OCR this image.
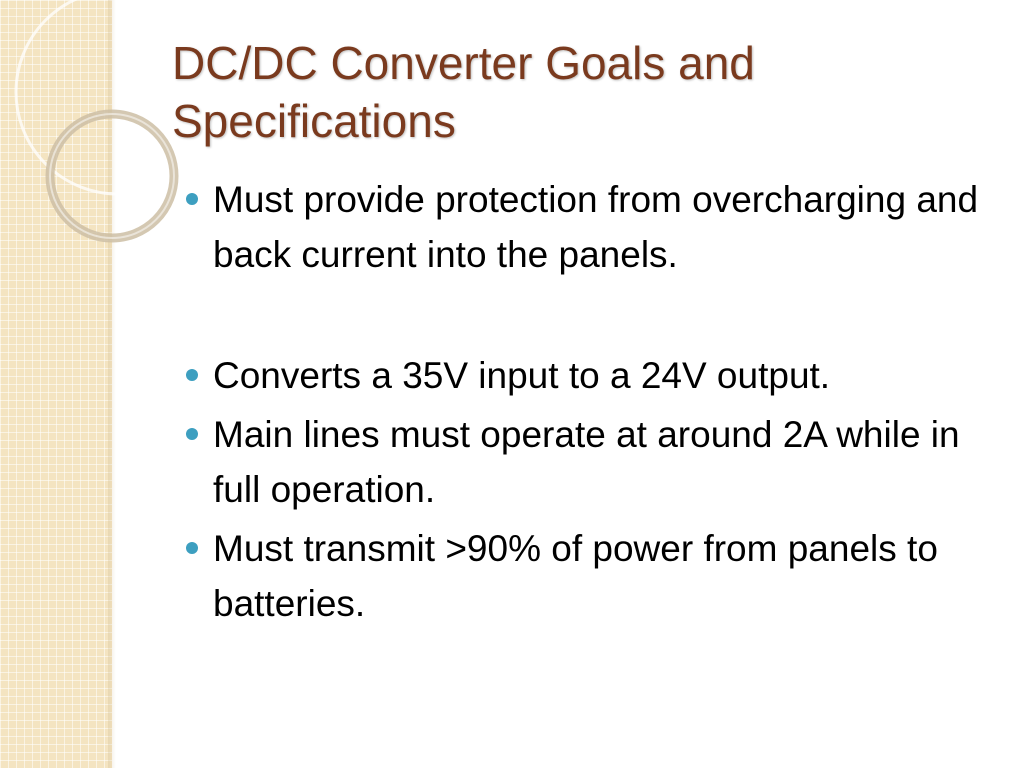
DC/DC Converter Goals and Specifications
Must provide protection from overcharging and back current into the panels.
Converts a 35V input to a 24V output.
Main lines must operate at around 2A while in full operation.
Must transmit >90% of power from panels to batteries.
